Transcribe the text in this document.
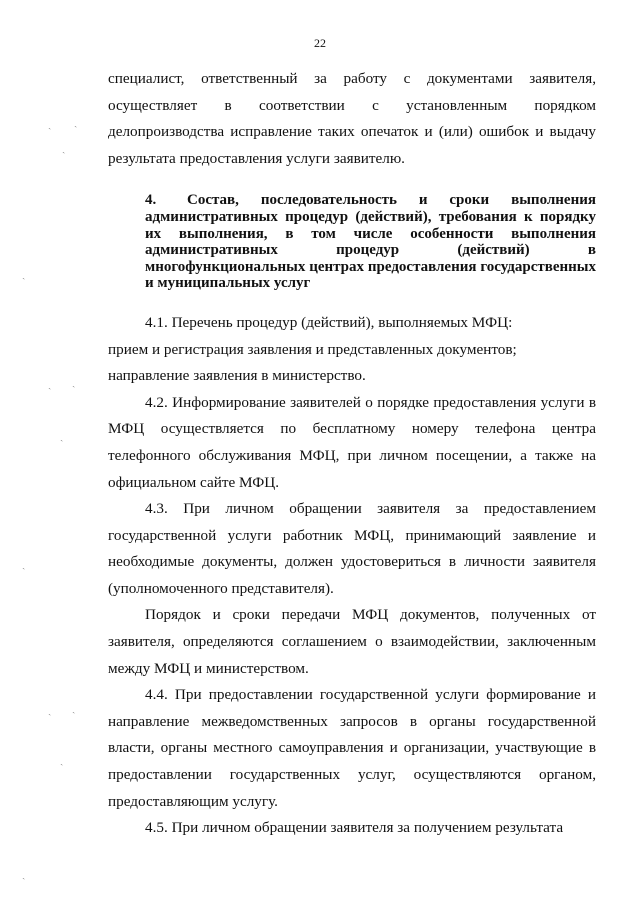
22
ˎ ˏ
ˏ
ˎ
ˎ ˏ
ˏ
ˎ
ˎ ˏ
ˏ
ˎ

специалист, ответственный за работу с документами заявителя, осуществляет в соответствии с установленным порядком делопроизводства исправление таких опечаток и (или) ошибок и выдачу результата предоставления услуги заявителю.

4. Состав, последовательность и сроки выполнения административных процедур (действий), требования к порядку их выполнения, в том числе особенности выполнения административных процедур (действий) в многофункциональных центрах предоставления государственных и муниципальных услуг

4.1. Перечень процедур (действий), выполняемых МФЦ:

прием и регистрация заявления и представленных документов;

направление заявления в министерство.

4.2. Информирование заявителей о порядке предоставления услуги в МФЦ осуществляется по бесплатному номеру телефона центра телефонного обслуживания МФЦ, при личном посещении, а также на официальном сайте МФЦ.

4.3. При личном обращении заявителя за предоставлением государственной услуги работник МФЦ, принимающий заявление и необходимые документы, должен удостовериться в личности заявителя (уполномоченного представителя).

Порядок и сроки передачи МФЦ документов, полученных от заявителя, определяются соглашением о взаимодействии, заключенным между МФЦ и министерством.

4.4. При предоставлении государственной услуги формирование и направление межведомственных запросов в органы государственной власти, органы местного самоуправления и организации, участвующие в предоставлении государственных услуг, осуществляются органом, предоставляющим услугу.

4.5. При личном обращении заявителя за получением результата
